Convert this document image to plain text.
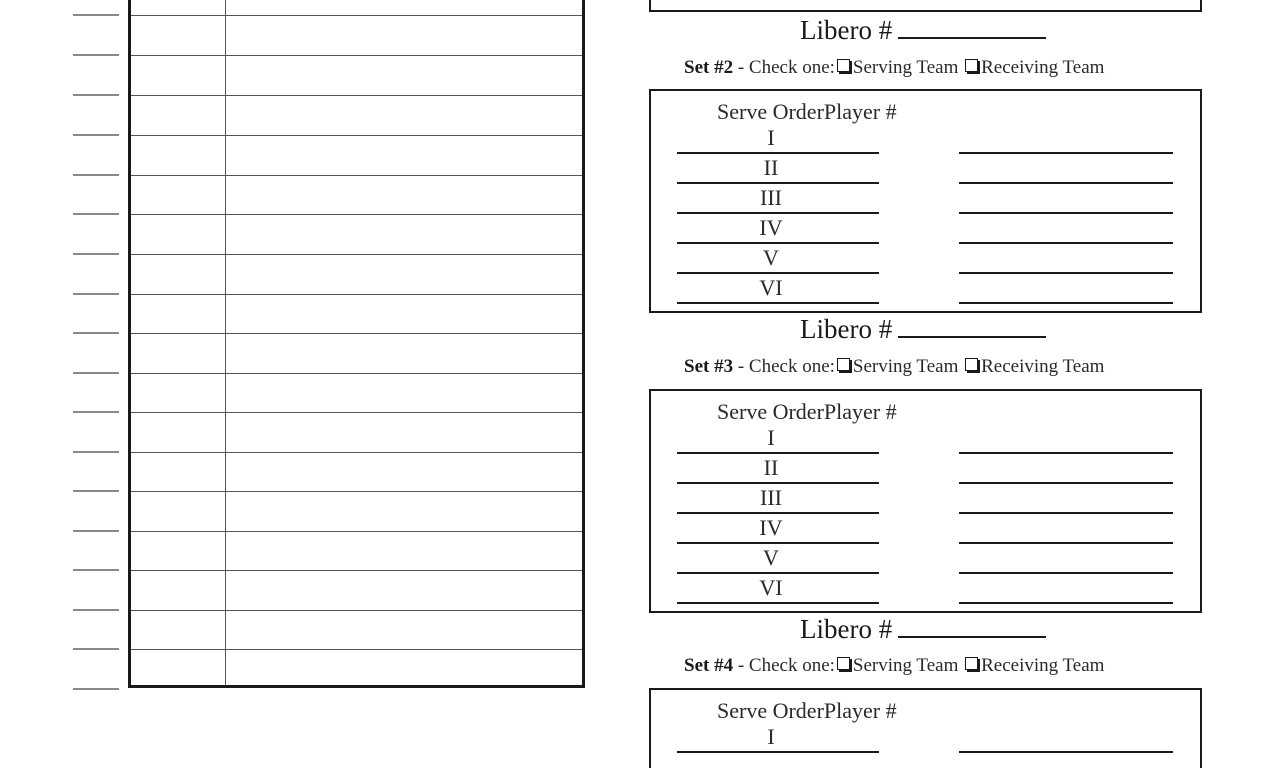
Libero #
Set #2 - Check one: Serving Team Receiving Team
Serve OrderPlayer #
I
II
III
IV
V
VI
Libero #
Set #3 - Check one: Serving Team Receiving Team
Serve OrderPlayer #
I
II
III
IV
V
VI
Libero #
Set #4 - Check one: Serving Team Receiving Team
Serve OrderPlayer #
I
